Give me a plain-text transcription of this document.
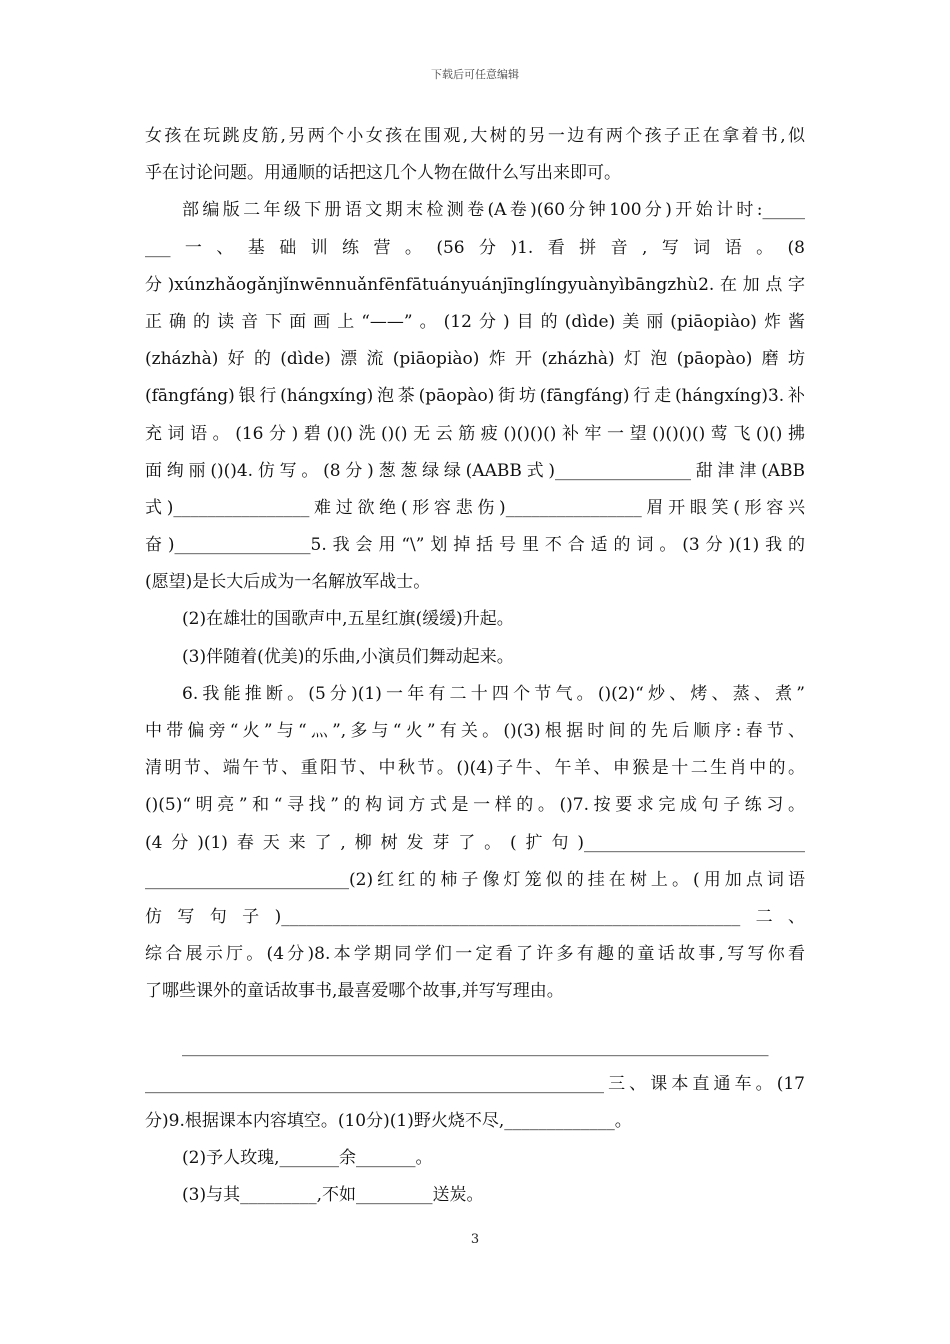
下载后可任意编辑
女孩在玩跳皮筋,另两个小女孩在围观,大树的另一边有两个孩子正在拿着书,似
乎在讨论问题。用通顺的话把这几个人物在做什么写出来即可。
部编版二年级下册语文期末检测卷(A卷)(60分钟100分)开始计时:_____
___一、基础训练营。(56分)1.看拼音,写词语。(8
分)xúnzhǎogǎnjǐnwēnnuǎnfēnfātuányuánjīnglíngyuànyìbāngzhù2.在加点字
正确的读音下面画上“——”。(12分)目的(dìde)美丽(piāopiào)炸酱
(zházhà)好的(dìde)漂流(piāopiào)炸开(zházhà)灯泡(pāopào)磨坊
(fāngfáng)银行(hángxíng)泡茶(pāopào)街坊(fāngfáng)行走(hángxíng)3.补
充词语。(16分)碧()()洗()()无云筋疲()()()()补牢一望()()()()莺飞()()拂
面绚丽()()4.仿写。(8分)葱葱绿绿(AABB式)________________甜津津(ABB
式)________________难过欲绝(形容悲伤)________________眉开眼笑(形容兴
奋)________________5.我会用“\”划掉括号里不合适的词。(3分)(1)我的
(愿望)是长大后成为一名解放军战士。
(2)在雄壮的国歌声中,五星红旗(缓缓)升起。
(3)伴随着(优美)的乐曲,小演员们舞动起来。
6.我能推断。(5分)(1)一年有二十四个节气。()(2)“炒、烤、蒸、煮”
中带偏旁“火”与“灬”,多与“火”有关。()(3)根据时间的先后顺序:春节、
清明节、端午节、重阳节、中秋节。()(4)子牛、午羊、申猴是十二生肖中的。
()(5)“明亮”和“寻找”的构词方式是一样的。()7.按要求完成句子练习。
(4分)(1)春天来了,柳树发芽了。(扩句)__________________________
________________________(2)红红的柿子像灯笼似的挂在树上。(用加点词语
仿写句子)______________________________________________________二、
综合展示厅。(4分)8.本学期同学们一定看了许多有趣的童话故事,写写你看
了哪些课外的童话故事书,最喜爱哪个故事,并写写理由。
_____________________________________________________________________
______________________________________________________三、课本直通车。(17
分)9.根据课本内容填空。(10分)(1)野火烧不尽,_____________。
(2)予人玫瑰,_______余_______。
(3)与其_________,不如_________送炭。
3
